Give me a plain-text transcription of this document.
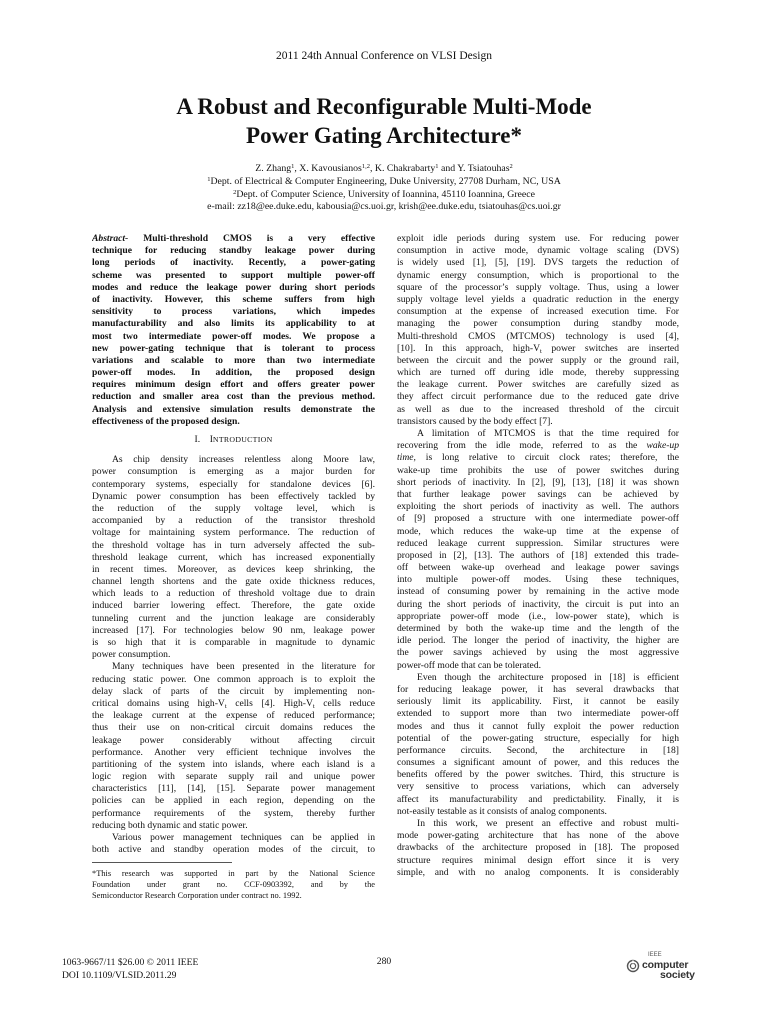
2011 24th Annual Conference on VLSI Design
A Robust and Reconfigurable Multi-Mode
Power Gating Architecture*
Z. Zhang$^1$, X. Kavousianos$^{1,2}$, K. Chakrabarty$^1$ and Y. Tsiatouhas$^2$
$^1$Dept. of Electrical & Computer Engineering, Duke University, 27708 Durham, NC, USA
$^2$Dept. of Computer Science, University of Ioannina, 45110 Ioannina, Greece
e-mail: zz18@ee.duke.edu, kabousia@cs.uoi.gr, krish@ee.duke.edu, tsiatouhas@cs.uoi.gr
Abstract- Multi-threshold CMOS is a very effective
technique for reducing standby leakage power during
long periods of inactivity. Recently, a power-gating
scheme was presented to support multiple power-off
modes and reduce the leakage power during short periods
of inactivity. However, this scheme suffers from high
sensitivity to process variations, which impedes
manufacturability and also limits its applicability to at
most two intermediate power-off modes. We propose a
new power-gating technique that is tolerant to process
variations and scalable to more than two intermediate
power-off modes. In addition, the proposed design
requires minimum design effort and offers greater power
reduction and smaller area cost than the previous method.
Analysis and extensive simulation results demonstrate the
effectiveness of the proposed design.
I. INTRODUCTION
As chip density increases relentless along Moore law,
power consumption is emerging as a major burden for
contemporary systems, especially for standalone devices [6].
Dynamic power consumption has been effectively tackled by
the reduction of the supply voltage level, which is
accompanied by a reduction of the transistor threshold
voltage for maintaining system performance. The reduction of
the threshold voltage has in turn adversely affected the sub-
threshold leakage current, which has increased exponentially
in recent times. Moreover, as devices keep shrinking, the
channel length shortens and the gate oxide thickness reduces,
which leads to a reduction of threshold voltage due to drain
induced barrier lowering effect. Therefore, the gate oxide
tunneling current and the junction leakage are considerably
increased [17]. For technologies below 90 nm, leakage power
is so high that it is comparable in magnitude to dynamic
power consumption.
Many techniques have been presented in the literature for
reducing static power. One common approach is to exploit the
delay slack of parts of the circuit by implementing non-
critical domains using high-$V_t$ cells [4]. High-$V_t$ cells reduce
the leakage current at the expense of reduced performance;
thus their use on non-critical circuit domains reduces the
leakage power considerably without affecting circuit
performance. Another very efficient technique involves the
partitioning of the system into islands, where each island is a
logic region with separate supply rail and unique power
characteristics [11], [14], [15]. Separate power management
policies can be applied in each region, depending on the
performance requirements of the system, thereby further
reducing both dynamic and static power.
Various power management techniques can be applied in
both active and standby operation modes of the circuit, to
*This research was supported in part by the National Science
Foundation under grant no. CCF-0903392, and by the
Semiconductor Research Corporation under contract no. 1992.
exploit idle periods during system use. For reducing power
consumption in active mode, dynamic voltage scaling (DVS)
is widely used [1], [5], [19]. DVS targets the reduction of
dynamic energy consumption, which is proportional to the
square of the processor’s supply voltage. Thus, using a lower
supply voltage level yields a quadratic reduction in the energy
consumption at the expense of increased execution time. For
managing the power consumption during standby mode,
Multi-threshold CMOS (MTCMOS) technology is used [4],
[10]. In this approach, high-$V_t$ power switches are inserted
between the circuit and the power supply or the ground rail,
which are turned off during idle mode, thereby suppressing
the leakage current. Power switches are carefully sized as
they affect circuit performance due to the reduced gate drive
as well as due to the increased threshold of the circuit
transistors caused by the body effect [7].
A limitation of MTCMOS is that the time required for
recovering from the idle mode, referred to as the wake-up
time, is long relative to circuit clock rates; therefore, the
wake-up time prohibits the use of power switches during
short periods of inactivity. In [2], [9], [13], [18] it was shown
that further leakage power savings can be achieved by
exploiting the short periods of inactivity as well. The authors
of [9] proposed a structure with one intermediate power-off
mode, which reduces the wake-up time at the expense of
reduced leakage current suppression. Similar structures were
proposed in [2], [13]. The authors of [18] extended this trade-
off between wake-up overhead and leakage power savings
into multiple power-off modes. Using these techniques,
instead of consuming power by remaining in the active mode
during the short periods of inactivity, the circuit is put into an
appropriate power-off mode (i.e., low-power state), which is
determined by both the wake-up time and the length of the
idle period. The longer the period of inactivity, the higher are
the power savings achieved by using the most aggressive
power-off mode that can be tolerated.
Even though the architecture proposed in [18] is efficient
for reducing leakage power, it has several drawbacks that
seriously limit its applicability. First, it cannot be easily
extended to support more than two intermediate power-off
modes and thus it cannot fully exploit the power reduction
potential of the power-gating structure, especially for high
performance circuits. Second, the architecture in [18]
consumes a significant amount of power, and this reduces the
benefits offered by the power switches. Third, this structure is
very sensitive to process variations, which can adversely
affect its manufacturability and predictability. Finally, it is
not-easily testable as it consists of analog components.
In this work, we present an effective and robust multi-
mode power-gating architecture that has none of the above
drawbacks of the architecture proposed in [18]. The proposed
structure requires minimal design effort since it is very
simple, and with no analog components. It is considerably
1063-9667/11 $26.00 © 2011 IEEE
DOI 10.1109/VLSID.2011.29
280
IEEE
computer
society
